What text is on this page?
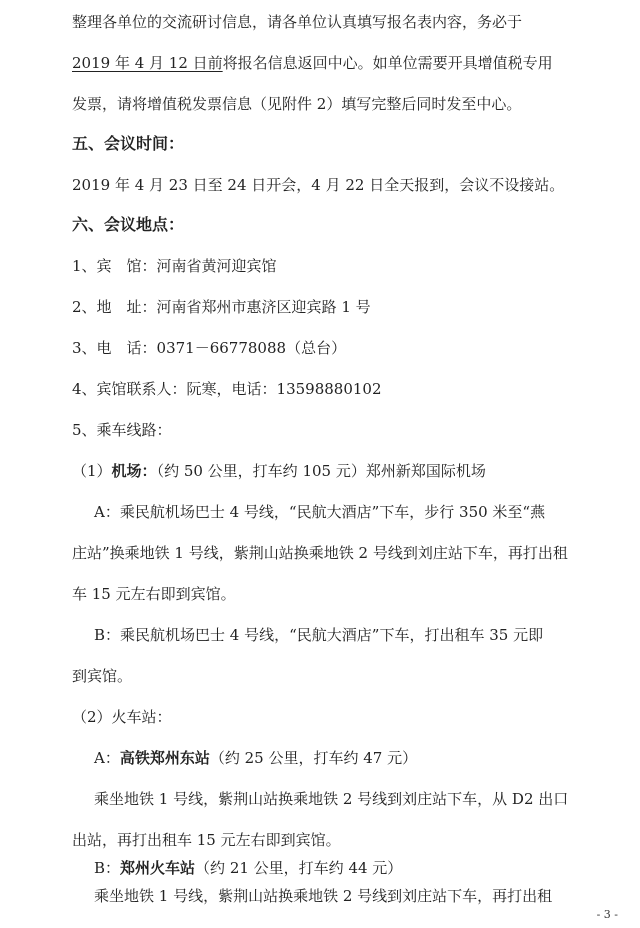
整理各单位的交流研讨信息，请各单位认真填写报名表内容，务必于
2019 年 4 月 12 日前将报名信息返回中心。如单位需要开具增值税专用
发票，请将增值税发票信息（见附件 2）填写完整后同时发至中心。
五、会议时间：
2019 年 4 月 23 日至 24 日开会，4 月 22 日全天报到，会议不设接站。
六、会议地点：
1、宾　馆：河南省黄河迎宾馆
2、地　址：河南省郑州市惠济区迎宾路 1 号
3、电　话：0371－66778088（总台）
4、宾馆联系人：阮寒，电话：13598880102
5、乘车线路：
（1）机场：（约 50 公里，打车约 105 元）郑州新郑国际机场
A：乘民航机场巴士 4 号线，“民航大酒店”下车，步行 350 米至“燕
庄站”换乘地铁 1 号线，紫荆山站换乘地铁 2 号线到刘庄站下车，再打出租
车 15 元左右即到宾馆。
B：乘民航机场巴士 4 号线，“民航大酒店”下车，打出租车 35 元即
到宾馆。
（2）火车站：
A：高铁郑州东站（约 25 公里，打车约 47 元）
乘坐地铁 1 号线，紫荆山站换乘地铁 2 号线到刘庄站下车，从 D2 出口
出站，再打出租车 15 元左右即到宾馆。
B：郑州火车站（约 21 公里，打车约 44 元）
乘坐地铁 1 号线，紫荆山站换乘地铁 2 号线到刘庄站下车，再打出租
- 3 -
